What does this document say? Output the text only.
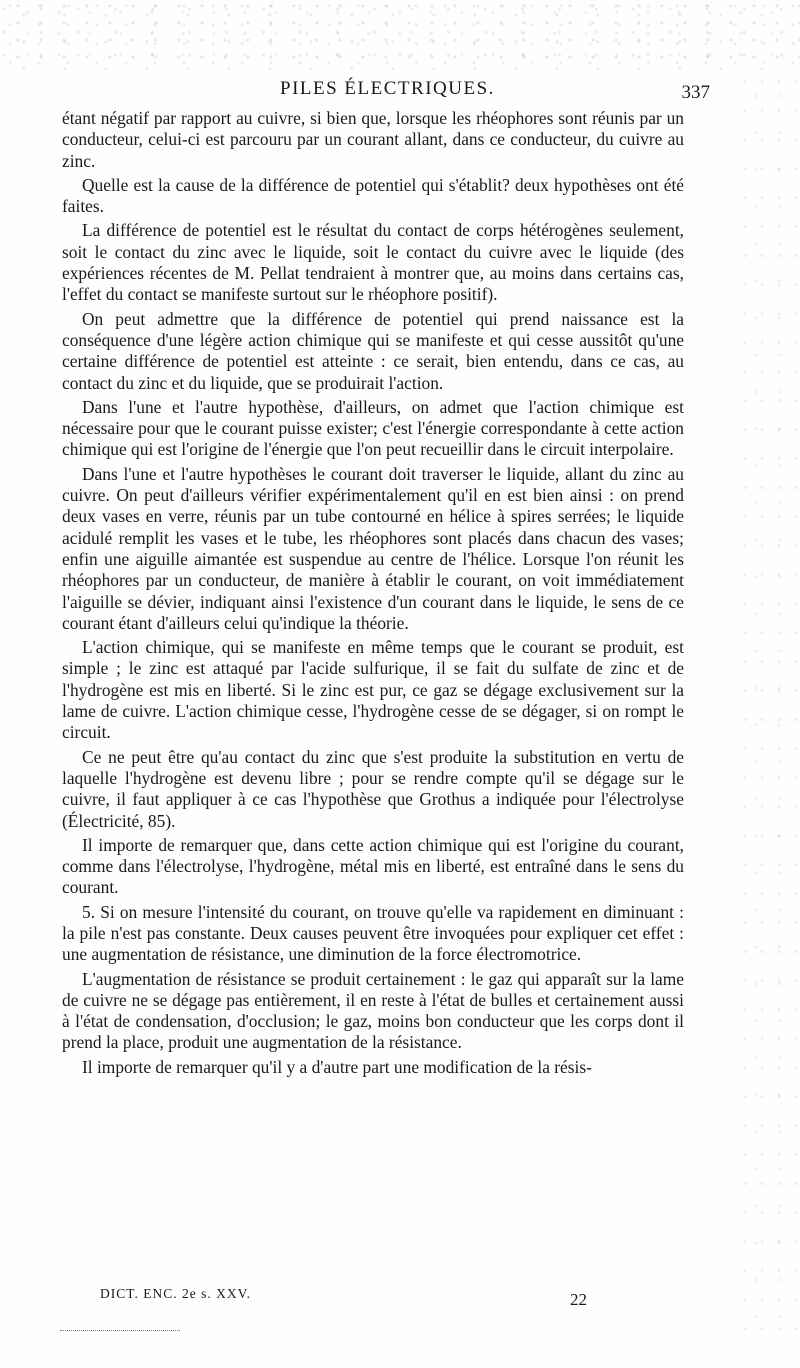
PILES ÉLECTRIQUES.	337

étant négatif par rapport au cuivre, si bien que, lorsque les rhéophores sont réunis par un conducteur, celui-ci est parcouru par un courant allant, dans ce conducteur, du cuivre au zinc.

Quelle est la cause de la différence de potentiel qui s'établit? deux hypothèses ont été faites.

La différence de potentiel est le résultat du contact de corps hétérogènes seulement, soit le contact du zinc avec le liquide, soit le contact du cuivre avec le liquide (des expériences récentes de M. Pellat tendraient à montrer que, au moins dans certains cas, l'effet du contact se manifeste surtout sur le rhéophore positif).

On peut admettre que la différence de potentiel qui prend naissance est la conséquence d'une légère action chimique qui se manifeste et qui cesse aussitôt qu'une certaine différence de potentiel est atteinte : ce serait, bien entendu, dans ce cas, au contact du zinc et du liquide, que se produirait l'action.

Dans l'une et l'autre hypothèse, d'ailleurs, on admet que l'action chimique est nécessaire pour que le courant puisse exister; c'est l'énergie correspondante à cette action chimique qui est l'origine de l'énergie que l'on peut recueillir dans le circuit interpolaire.

Dans l'une et l'autre hypothèses le courant doit traverser le liquide, allant du zinc au cuivre. On peut d'ailleurs vérifier expérimentalement qu'il en est bien ainsi : on prend deux vases en verre, réunis par un tube contourné en hélice à spires serrées; le liquide acidulé remplit les vases et le tube, les rhéophores sont placés dans chacun des vases; enfin une aiguille aimantée est suspendue au centre de l'hélice. Lorsque l'on réunit les rhéophores par un conducteur, de manière à établir le courant, on voit immédiatement l'aiguille se dévier, indiquant ainsi l'existence d'un courant dans le liquide, le sens de ce courant étant d'ailleurs celui qu'indique la théorie.

L'action chimique, qui se manifeste en même temps que le courant se produit, est simple ; le zinc est attaqué par l'acide sulfurique, il se fait du sulfate de zinc et de l'hydrogène est mis en liberté. Si le zinc est pur, ce gaz se dégage exclusivement sur la lame de cuivre. L'action chimique cesse, l'hydrogène cesse de se dégager, si on rompt le circuit.

Ce ne peut être qu'au contact du zinc que s'est produite la substitution en vertu de laquelle l'hydrogène est devenu libre ; pour se rendre compte qu'il se dégage sur le cuivre, il faut appliquer à ce cas l'hypothèse que Grothus a indiquée pour l'électrolyse (Électricité, 85).

Il importe de remarquer que, dans cette action chimique qui est l'origine du courant, comme dans l'électrolyse, l'hydrogène, métal mis en liberté, est entraîné dans le sens du courant.

5. Si on mesure l'intensité du courant, on trouve qu'elle va rapidement en diminuant : la pile n'est pas constante. Deux causes peuvent être invoquées pour expliquer cet effet : une augmentation de résistance, une diminution de la force électromotrice.

L'augmentation de résistance se produit certainement : le gaz qui apparaît sur la lame de cuivre ne se dégage pas entièrement, il en reste à l'état de bulles et certainement aussi à l'état de condensation, d'occlusion; le gaz, moins bon conducteur que les corps dont il prend la place, produit une augmentation de la résistance.

Il importe de remarquer qu'il y a d'autre part une modification de la résis-

DICT. ENC. 2e s. XXV.	22
